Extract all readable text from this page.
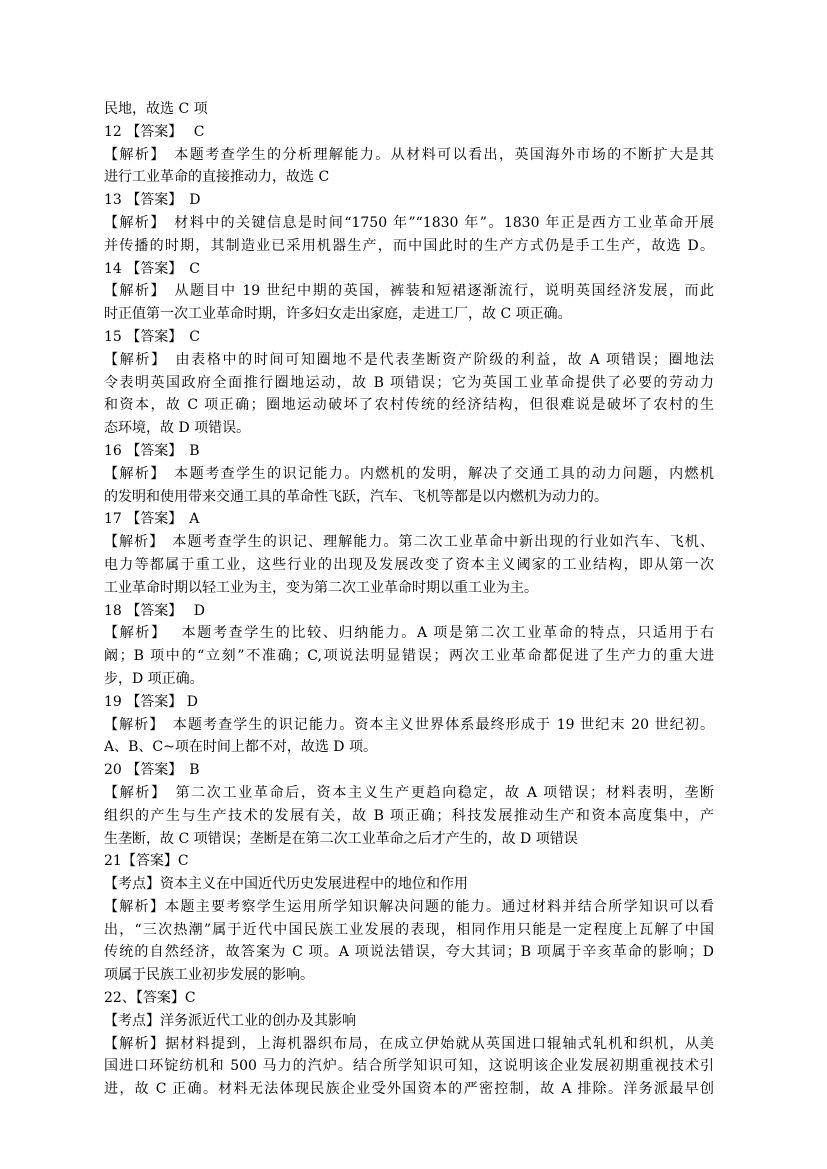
民地，故选 C 项
12 【答案】　 C
【解析】　本题考查学生的分析理解能力。从材料可以看出，英国海外市场的不断扩大是其
进行工业革命的直接推动力，故选 C
13 【答案】　D
【解析】　材料中的关键信息是时间“1750 年”“1830 年”。1830 年正是西方工业革命开展
并传播的时期，其制造业已采用机器生产，而中国此时的生产方式仍是手工生产，故选 D。
14 【答案】　C
【解析】　从题目中 19 世纪中期的英国，裤装和短裙逐渐流行，说明英国经济发展，而此
时正值第一次工业革命时期，许多妇女走出家庭，走进工厂，故 C 项正确。
15 【答案】　C
【解析】　由表格中的时间可知圈地不是代表垄断资产阶级的利益，故 A 项错误；圈地法
令表明英国政府全面推行圈地运动，故 B 项错误；它为英国工业革命提供了必要的劳动力
和资本，故 C 项正确；圈地运动破坏了农村传统的经济结构，但很难说是破坏了农村的生
态环境，故 D 项错误。
16 【答案】　B
【解析】　本题考查学生的识记能力。内燃机的发明，解决了交通工具的动力问题，内燃机
的发明和使用带来交通工具的革命性飞跃，汽车、飞机等都是以内燃机为动力的。
17 【答案】　A
【解析】　本题考查学生的识记、理解能力。第二次工业革命中新出现的行业如汽车、飞机、
电力等都属于重工业，这些行业的出现及发展改变了资本主义阈家的工业结构，即从第一次
工业革命时期以轻工业为主，变为第二次工业革命时期以重工业为主。
18 【答案】　 D
【解析】　 本题考查学生的比较、归纳能力。A 项是第二次工业革命的特点，只适用于右
阚；B 项中的“立刻”不准确；C,项说法明显错误；两次工业革命都促进了生产力的重大进
步，D 项正确。
19 【答案】 D
【解析】　本题考查学生的识记能力。资本主义世界体系最终形成于 19 世纪末 20 世纪初。
A、B、C~项在时间上都不对，故选 D 项。
20 【答案】　B
【解析】　第二次工业革命后，资本主义生产更趋向稳定，故 A 项错误；材料表明，垄断
组织的产生与生产技术的发展有关，故 B 项正确；科技发展推动生产和资本高度集中，产
生垄断，故 C 项错误；垄断是在第二次工业革命之后才产生的，故 D 项错误
21【答案】C
【考点】资本主义在中国近代历史发展进程中的地位和作用
【解析】本题主要考察学生运用所学知识解决问题的能力。通过材料并结合所学知识可以看
出，“三次热潮”属于近代中国民族工业发展的表现，相同作用只能是一定程度上瓦解了中国
传统的自然经济，故答案为 C 项。A 项说法错误，夸大其词；B 项属于辛亥革命的影响；D
项属于民族工业初步发展的影响。
22、【答案】C
【考点】洋务派近代工业的创办及其影响
【解析】据材料提到，上海机器织布局，在成立伊始就从英国进口辊轴式轧机和织机，从美
国进口环锭纺机和 500 马力的汽炉。结合所学知识可知，这说明该企业发展初期重视技术引
进，故 C 正确。材料无法体现民族企业受外国资本的严密控制，故 A 排除。洋务派最早创
